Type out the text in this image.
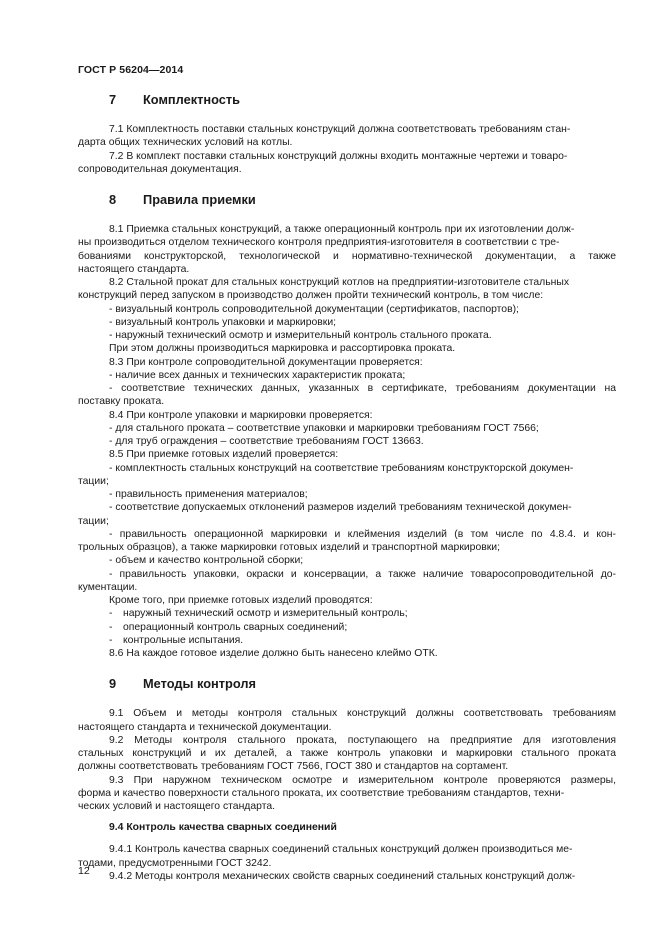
ГОСТ Р 56204—2014
7 Комплектность

7.1 Комплектность поставки стальных конструкций должна соответствовать требованиям стан-

дарта общих технических условий на котлы.

7.2 В комплект поставки стальных конструкций должны входить монтажные чертежи и товаро-

сопроводительная документация.

8 Правила приемки

8.1 Приемка стальных конструкций, а также операционный контроль при их изготовлении долж-

ны производиться отделом технического контроля предприятия-изготовителя в соответствии с тре-

бованиями конструкторской, технологической и нормативно-технической документации, а также

настоящего стандарта.

8.2 Стальной прокат для стальных конструкций котлов на предприятии-изготовителе стальных

конструкций перед запуском в производство должен пройти технический контроль, в том числе:

- визуальный контроль сопроводительной документации (сертификатов, паспортов);

- визуальный контроль упаковки и маркировки;

- наружный технический осмотр и измерительный контроль стального проката.

При этом должны производиться маркировка и рассортировка проката.

8.3 При контроле сопроводительной документации проверяется:

- наличие всех данных и технических характеристик проката;

- соответствие технических данных, указанных в сертификате, требованиям документации на

поставку проката.

8.4 При контроле упаковки и маркировки проверяется:

- для стального проката – соответствие упаковки и маркировки требованиям ГОСТ 7566;

- для труб ограждения – соответствие требованиям ГОСТ 13663.

8.5 При приемке готовых изделий проверяется:

- комплектность стальных конструкций на соответствие требованиям конструкторской докумен-

тации;

- правильность применения материалов;

- соответствие допускаемых отклонений размеров изделий требованиям технической докумен-

тации;

- правильность операционной маркировки и клеймения изделий (в том числе по 4.8.4. и кон-

трольных образцов), а также маркировки готовых изделий и транспортной маркировки;

- объем и качество контрольной сборки;

- правильность упаковки, окраски и консервации, а также наличие товаросопроводительной до-

кументации.

Кроме того, при приемке готовых изделий проводятся:

- наружный технический осмотр и измерительный контроль;

- операционный контроль сварных соединений;

- контрольные испытания.

8.6 На каждое готовое изделие должно быть нанесено клеймо ОТК.

9 Методы контроля

9.1 Объем и методы контроля стальных конструкций должны соответствовать требованиям

настоящего стандарта и технической документации.

9.2 Методы контроля стального проката, поступающего на предприятие для изготовления

стальных конструкций и их деталей, а также контроль упаковки и маркировки стального проката

должны соответствовать требованиям ГОСТ 7566, ГОСТ 380 и стандартов на сортамент.

9.3 При наружном техническом осмотре и измерительном контроле проверяются размеры,

форма и качество поверхности стального проката, их соответствие требованиям стандартов, техни-

ческих условий и настоящего стандарта.

9.4 Контроль качества сварных соединений

9.4.1 Контроль качества сварных соединений стальных конструкций должен производиться ме-

тодами, предусмотренными ГОСТ 3242.

9.4.2 Методы контроля механических свойств сварных соединений стальных конструкций долж-

12
